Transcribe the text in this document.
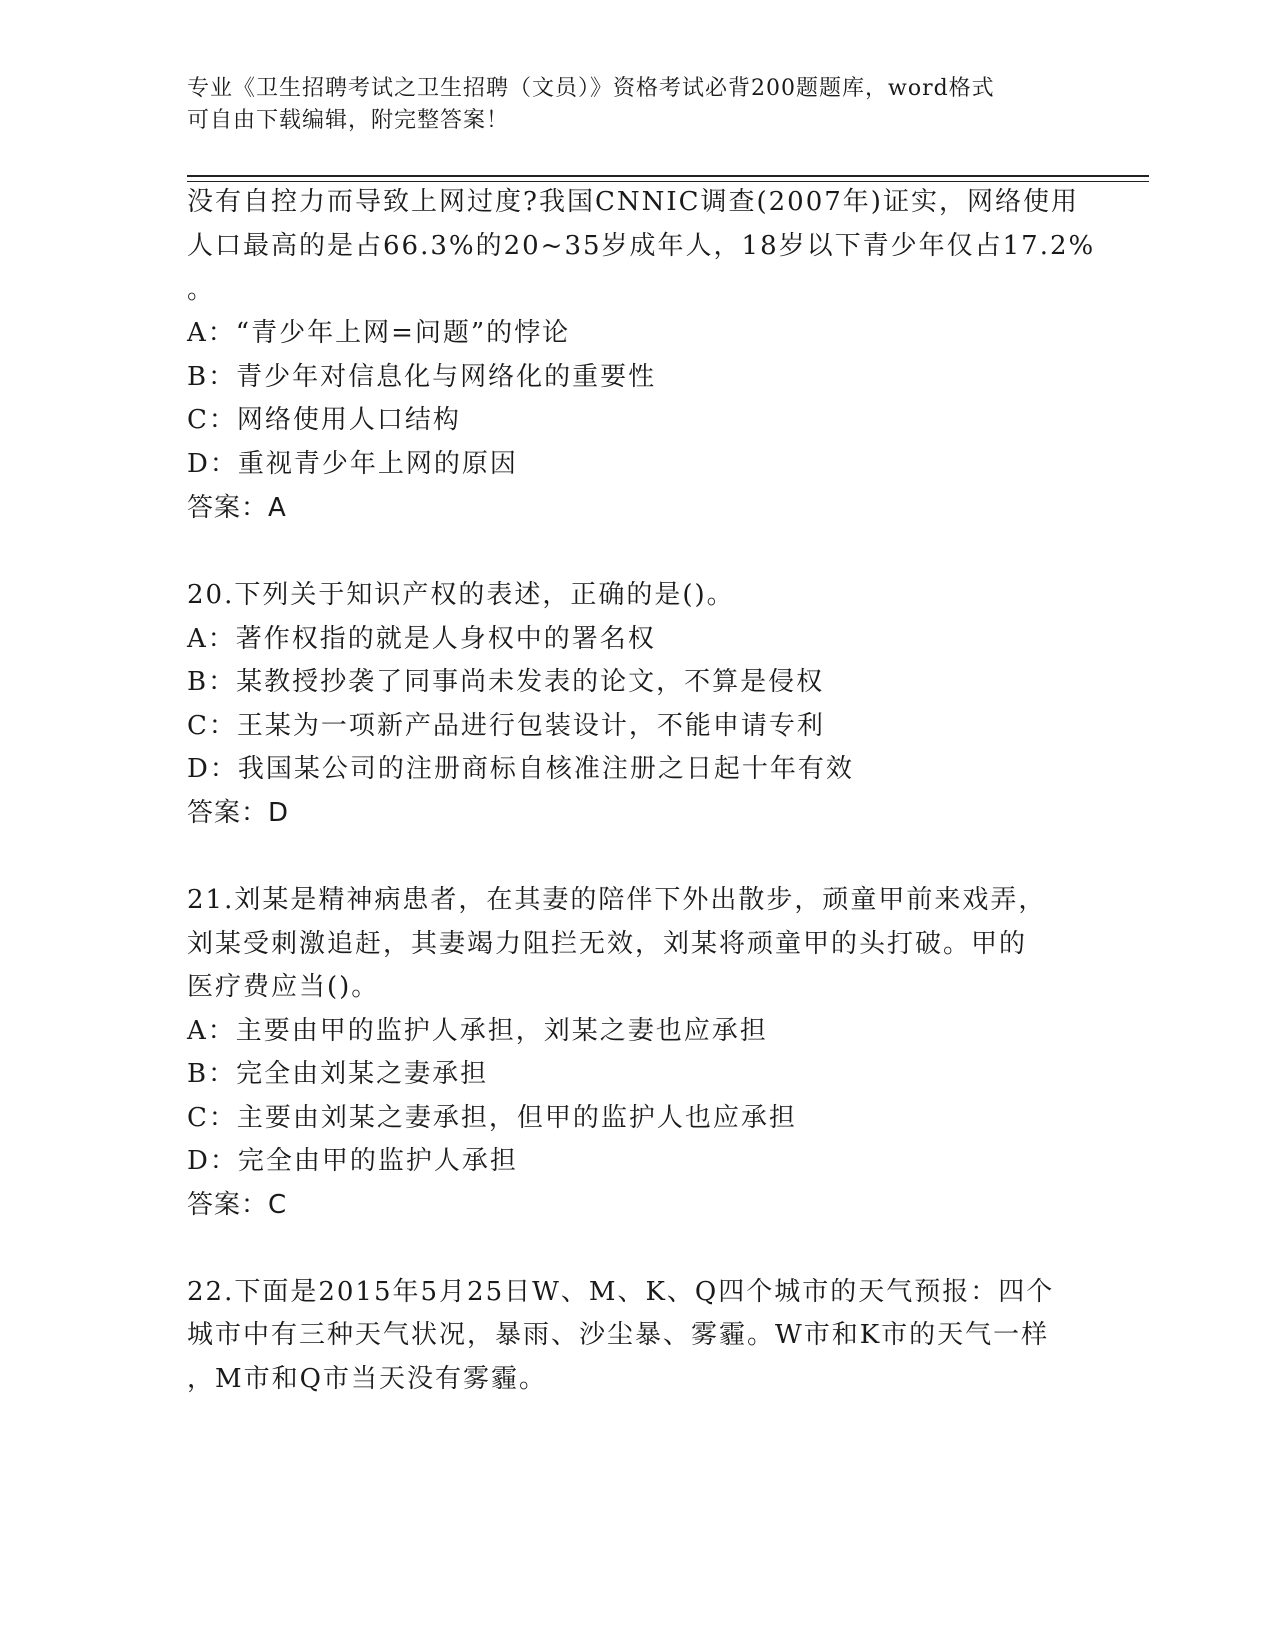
专业《卫生招聘考试之卫生招聘（文员）》资格考试必背200题题库，word格式
可自由下载编辑，附完整答案！
没有自控力而导致上网过度?我国CNNIC调查(2007年)证实，网络使用
人口最高的是占66.3%的20~35岁成年人，18岁以下青少年仅占17.2%
。
A：“青少年上网=问题”的悖论
B：青少年对信息化与网络化的重要性
C：网络使用人口结构
D：重视青少年上网的原因
答案：A
20.下列关于知识产权的表述，正确的是()。
A：著作权指的就是人身权中的署名权
B：某教授抄袭了同事尚未发表的论文，不算是侵权
C：王某为一项新产品进行包装设计，不能申请专利
D：我国某公司的注册商标自核准注册之日起十年有效
答案：D
21.刘某是精神病患者，在其妻的陪伴下外出散步，顽童甲前来戏弄，
刘某受刺激追赶，其妻竭力阻拦无效，刘某将顽童甲的头打破。甲的
医疗费应当()。
A：主要由甲的监护人承担，刘某之妻也应承担
B：完全由刘某之妻承担
C：主要由刘某之妻承担，但甲的监护人也应承担
D：完全由甲的监护人承担
答案：C
22.下面是2015年5月25日W、M、K、Q四个城市的天气预报：四个
城市中有三种天气状况，暴雨、沙尘暴、雾霾。W市和K市的天气一样
，M市和Q市当天没有雾霾。
